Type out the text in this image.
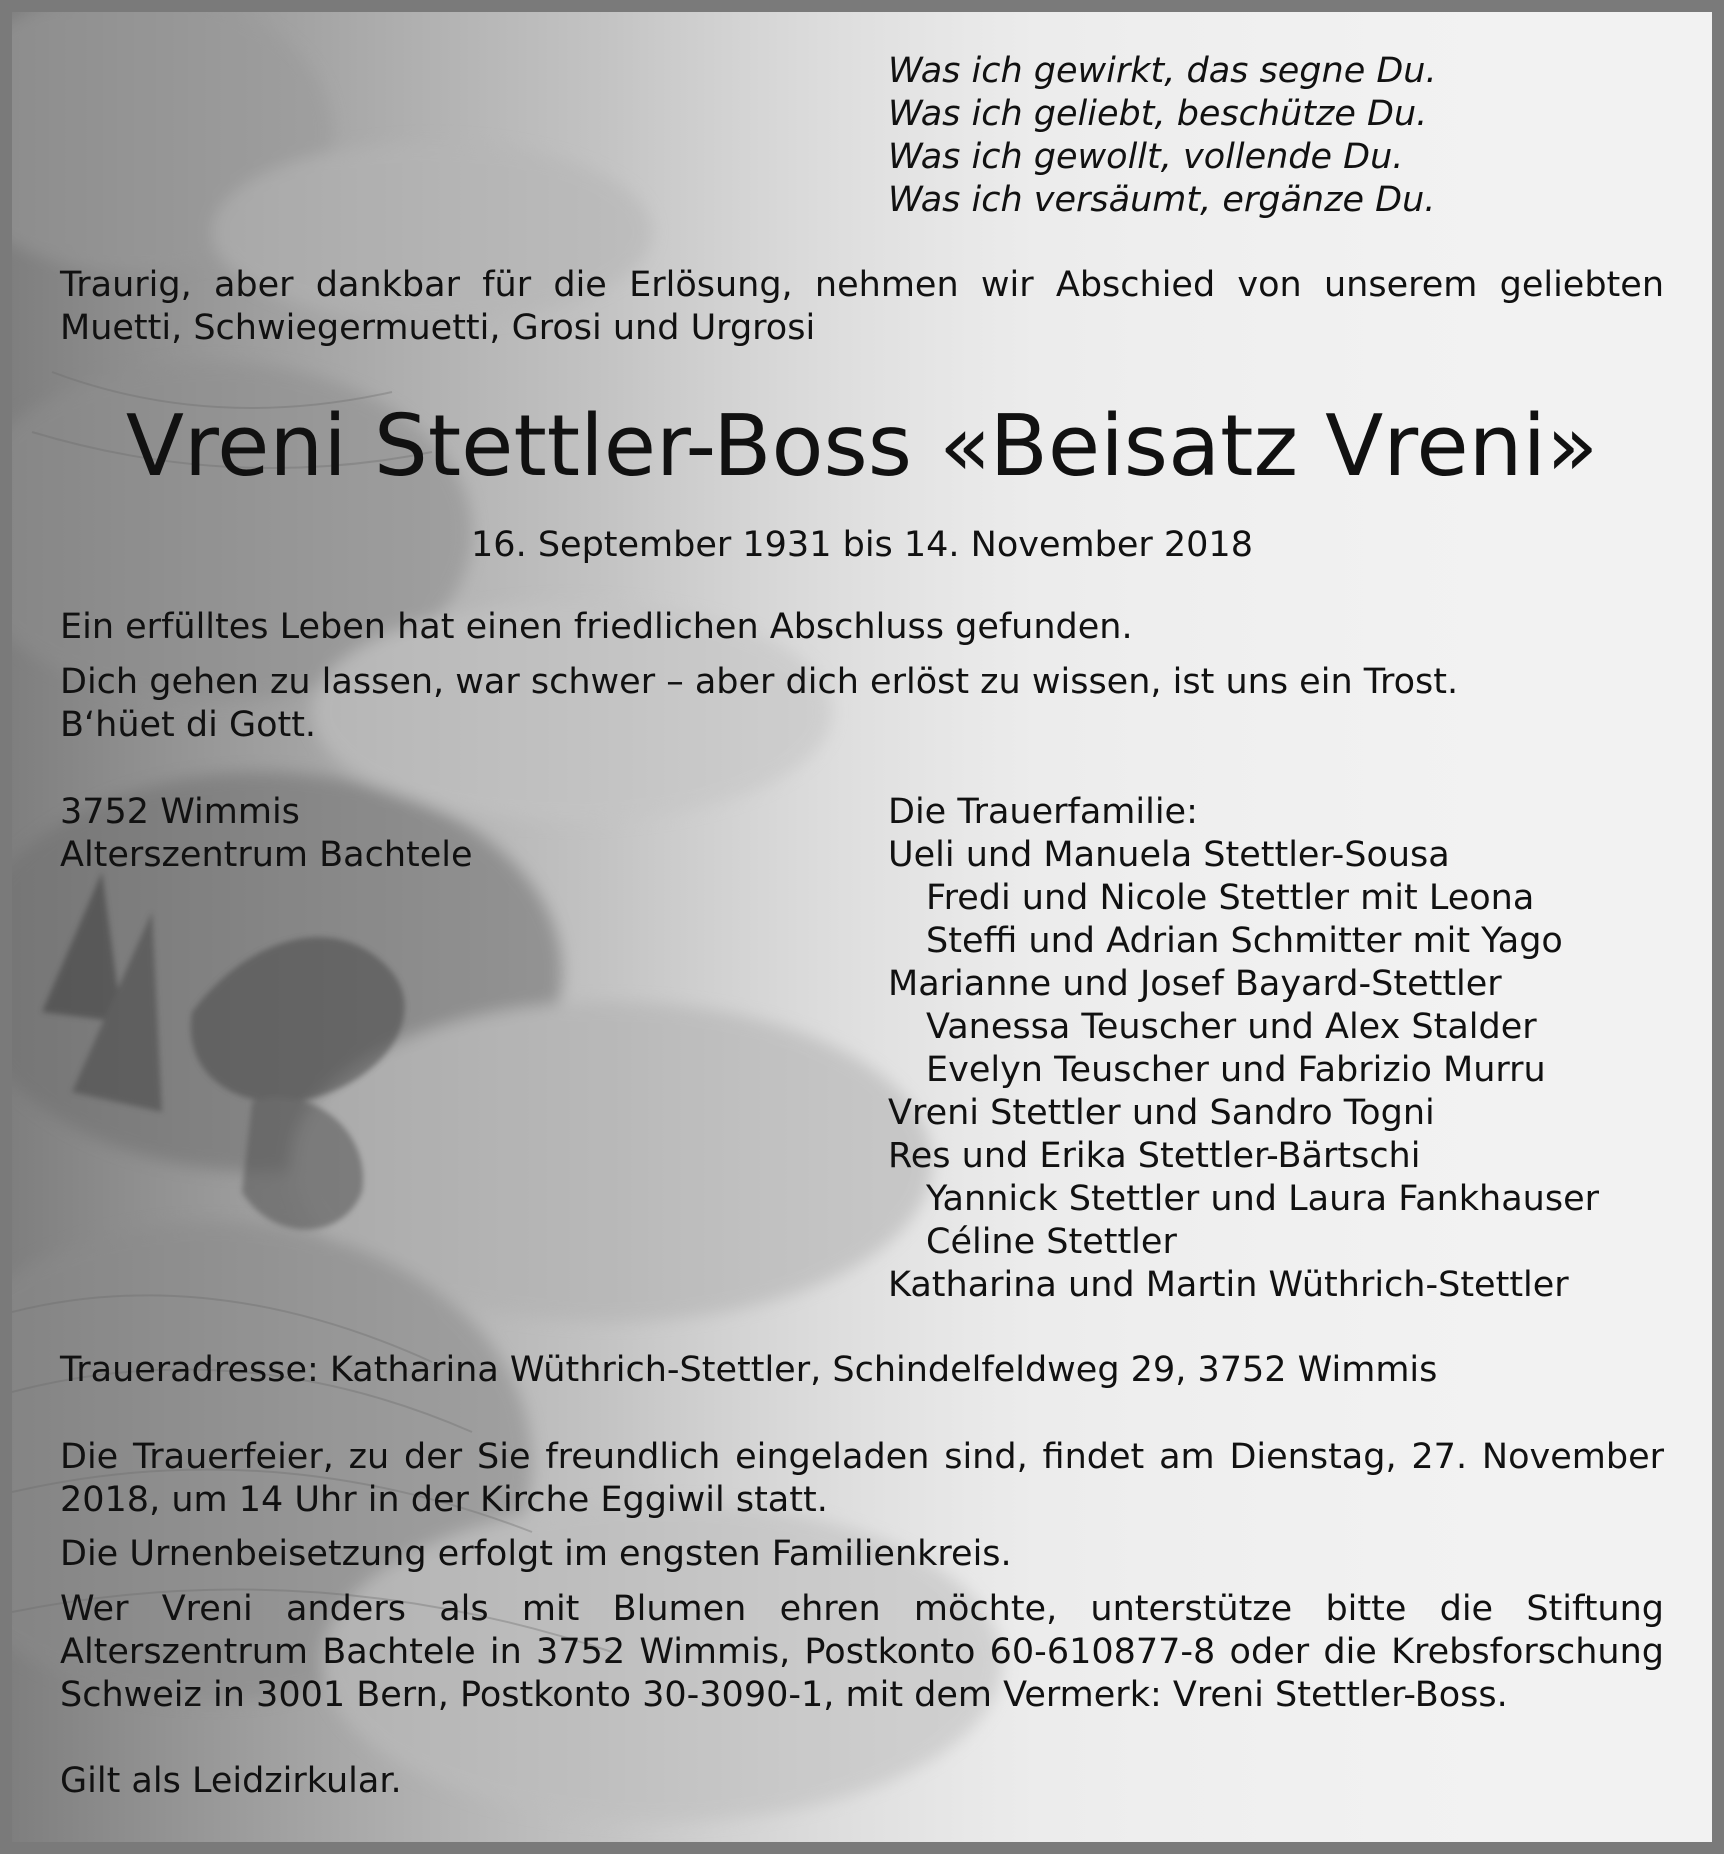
Was ich gewirkt, das segne Du.
Was ich geliebt, beschütze Du.
Was ich gewollt, vollende Du.
Was ich versäumt, ergänze Du.

Traurig, aber dankbar für die Erlösung, nehmen wir Abschied von unserem geliebten Muetti, Schwiegermuetti, Grosi und Urgrosi

Vreni Stettler-Boss «Beisatz Vreni»
16. September 1931 bis 14. November 2018
Ein erfülltes Leben hat einen friedlichen Abschluss gefunden.
Dich gehen zu lassen, war schwer – aber dich erlöst zu wissen, ist uns ein Trost.
B‘hüet di Gott.
3752 Wimmis
Alterszentrum Bachtele
Die Trauerfamilie:
Ueli und Manuela Stettler-Sousa
Fredi und Nicole Stettler mit Leona
Steffi und Adrian Schmitter mit Yago
Marianne und Josef Bayard-Stettler
Vanessa Teuscher und Alex Stalder
Evelyn Teuscher und Fabrizio Murru
Vreni Stettler und Sandro Togni
Res und Erika Stettler-Bärtschi
Yannick Stettler und Laura Fankhauser
Céline Stettler
Katharina und Martin Wüthrich-Stettler
Traueradresse: Katharina Wüthrich-Stettler, Schindelfeldweg 29, 3752 Wimmis

Die Trauerfeier, zu der Sie freundlich eingeladen sind, findet am Dienstag, 27. November 2018, um 14 Uhr in der Kirche Eggiwil statt.

Die Urnenbeisetzung erfolgt im engsten Familienkreis.

Wer Vreni anders als mit Blumen ehren möchte, unterstütze bitte die Stiftung Alterszentrum Bachtele in 3752 Wimmis, Postkonto 60-610877-8 oder die Krebsforschung Schweiz in 3001 Bern, Postkonto 30-3090-1, mit dem Vermerk: Vreni Stettler-Boss.

Gilt als Leidzirkular.
